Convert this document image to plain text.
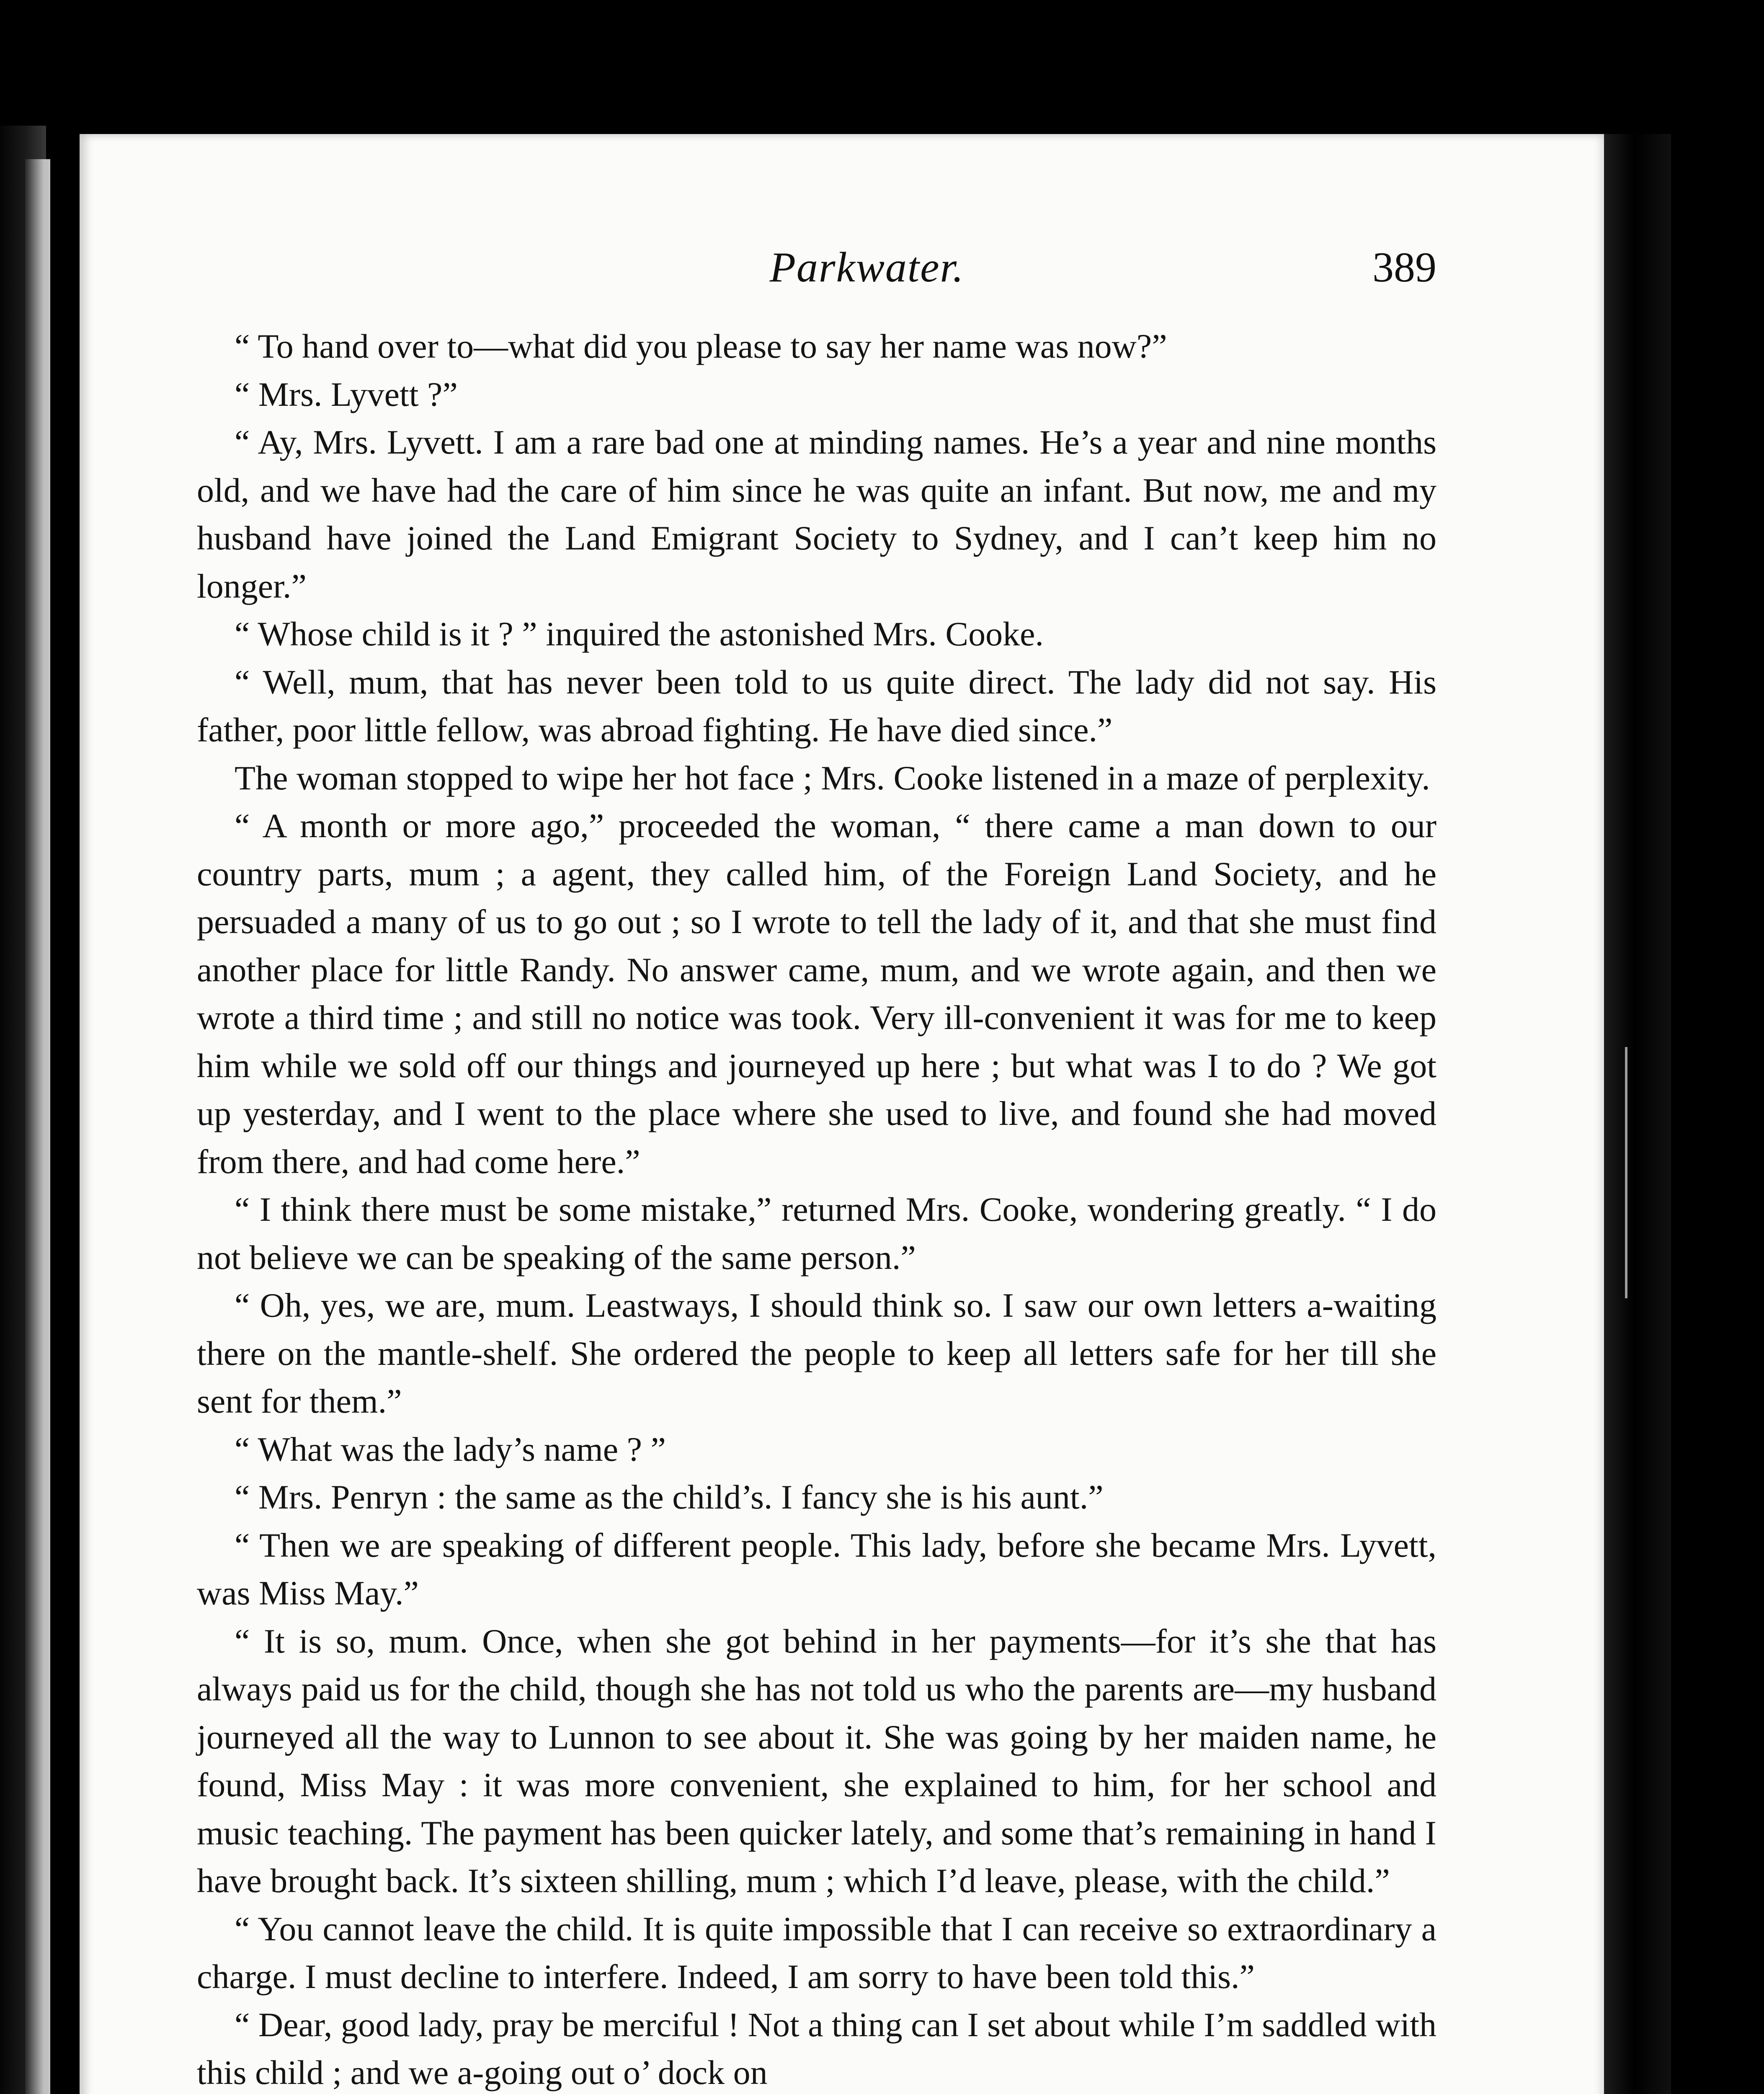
Parkwater.	389

“ To hand over to—what did you please to say her name was now?”

“ Mrs. Lyvett ?”

“ Ay, Mrs. Lyvett. I am a rare bad one at minding names. He’s a year and nine months old, and we have had the care of him since he was quite an infant. But now, me and my husband have joined the Land Emigrant Society to Sydney, and I can’t keep him no longer.”

“ Whose child is it ? ” inquired the astonished Mrs. Cooke.

“ Well, mum, that has never been told to us quite direct. The lady did not say. His father, poor little fellow, was abroad fighting. He have died since.”

The woman stopped to wipe her hot face ; Mrs. Cooke listened in a maze of perplexity.

“ A month or more ago,” proceeded the woman, “ there came a man down to our country parts, mum ; a agent, they called him, of the Foreign Land Society, and he persuaded a many of us to go out ; so I wrote to tell the lady of it, and that she must find another place for little Randy. No answer came, mum, and we wrote again, and then we wrote a third time ; and still no notice was took. Very ill-convenient it was for me to keep him while we sold off our things and journeyed up here ; but what was I to do ? We got up yesterday, and I went to the place where she used to live, and found she had moved from there, and had come here.”

“ I think there must be some mistake,” returned Mrs. Cooke, wondering greatly. “ I do not believe we can be speaking of the same person.”

“ Oh, yes, we are, mum. Leastways, I should think so. I saw our own letters a-waiting there on the mantle-shelf. She ordered the people to keep all letters safe for her till she sent for them.”

“ What was the lady’s name ? ”

“ Mrs. Penryn : the same as the child’s. I fancy she is his aunt.”

“ Then we are speaking of different people. This lady, before she became Mrs. Lyvett, was Miss May.”

“ It is so, mum. Once, when she got behind in her payments—for it’s she that has always paid us for the child, though she has not told us who the parents are—my husband journeyed all the way to Lunnon to see about it. She was going by her maiden name, he found, Miss May : it was more convenient, she explained to him, for her school and music teaching. The payment has been quicker lately, and some that’s remaining in hand I have brought back. It’s sixteen shilling, mum ; which I’d leave, please, with the child.”

“ You cannot leave the child. It is quite impossible that I can receive so extraordinary a charge. I must decline to interfere. Indeed, I am sorry to have been told this.”

“ Dear, good lady, pray be merciful ! Not a thing can I set about while I’m saddled with this child ; and we a-going out o’ dock on
